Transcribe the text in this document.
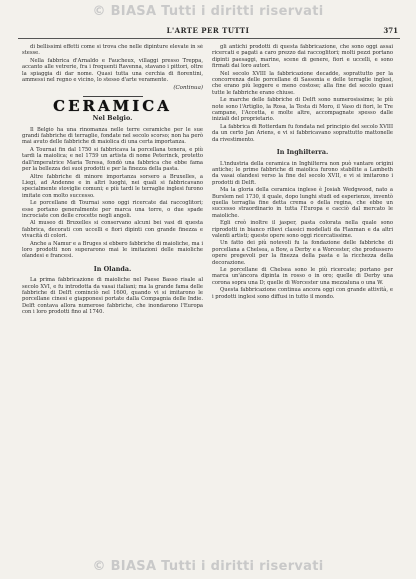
© BIASA Tutti i diritti riservati
L'ARTE PER TUTTI	371

di bellissimi effetti come si trova che nelle dipinture elevate in sé stesse.

Nella fabbrica d'Arnaldo e Faucheux, villaggi presso Treppa, accanto alle vetrerie, fra i frequenti Ravenna, stavano i pittori, oltre la spiaggia di dar nome. Quasi tutta una cerchia di fiorentini, ammessi nel regno e vicino, lo stesso d'arte veramente.

(Continua)
CERAMICA
Nel Belgio.

Il Belgio ha una rinomanza nelle terre ceramiche per le sue grandi fabbriche di terraglie, fondate nel secolo scorso; non ha però mai avuto delle fabbriche di maiolica di una certa importanza.

A Tournai fin dal 1750 si fabbricava la porcellana tenera, e più tardi la maiolica; e nel 1759 un artista di nome Peterinck, protetto dall'imperatrice Maria Teresa, fondò una fabbrica che ebbe fama per la bellezza dei suoi prodotti e per la finezza della pasta.

Altre fabbriche di minore importanza sorsero a Bruxelles, a Liegi, ad Andenne e in altri luoghi, nei quali si fabbricavano specialmente stoviglie comuni; e più tardi le terraglie inglesi furono imitate con molto successo.

Le porcellane di Tournai sono oggi ricercate dai raccoglitori; esse portano generalmente per marca una torre, o due spade incrociate con delle crocette negli angoli.

Al museo di Bruxelles si conservano alcuni bei vasi di questa fabbrica, decorati con uccelli e fiori dipinti con grande finezza e vivacità di colori.

Anche a Namur e a Bruges si ebbero fabbriche di maioliche, ma i loro prodotti non superarono mai le imitazioni delle maioliche olandesi e francesi.

In Olanda.

La prima fabbricazione di maioliche nel Paese Basso risale al secolo XVI, e fu introdotta da vasai italiani; ma la grande fama delle fabbriche di Delft cominciò nel 1600, quando vi si imitarono le porcellane cinesi e giapponesi portate dalla Compagnia delle Indie. Delft contava allora numerose fabbriche, che inondarono l'Europa con i loro prodotti fino al 1740.

gli antichi prodotti di questa fabbricazione, che sono oggi assai ricercati e pagati a caro prezzo dai raccoglitori; molti pezzi portano dipinti paesaggi, marine, scene di genere, fiori e uccelli, e sono firmati dai loro autori.

Nel secolo XVIII la fabbricazione decadde, soprattutto per la concorrenza delle porcellane di Sassonia e delle terraglie inglesi, che erano più leggere e meno costose; alla fine del secolo quasi tutte le fabbriche erano chiuse.

Le marche delle fabbriche di Delft sono numerosissime; le più note sono l'Artiglio, la Rosa, la Testa di Moro, il Vaso di fiori, le Tre campane, l'Accetta, e molte altre, accompagnate spesso dalle iniziali del proprietario.

La fabbrica di Rotterdam fu fondata nel principio del secolo XVIII da un certo Jan Ariens, e vi si fabbricavano soprattutto mattonelle da rivestimento.

In Inghilterra.

L'industria della ceramica in Inghilterra non può vantare origini antiche; le prime fabbriche di maiolica furono stabilite a Lambeth da vasai olandesi verso la fine del secolo XVII, e vi si imitarono i prodotti di Delft.

Ma la gloria della ceramica inglese è Josiah Wedgwood, nato a Burslem nel 1730, il quale, dopo lunghi studi ed esperienze, inventò quella terraglia fine detta crema o della regina, che ebbe un successo straordinario in tutta l'Europa e cacciò dal mercato le maioliche.

Egli creò inoltre il jasper, pasta colorata nella quale sono riprodotti in bianco rilievi classici modellati da Flaxman e da altri valenti artisti; queste opere sono oggi ricercatissime.

Un fatto dei più notevoli fu la fondazione delle fabbriche di porcellana a Chelsea, a Bow, a Derby e a Worcester, che produssero opere pregevoli per la finezza della pasta e la ricchezza della decorazione.

Le porcellane di Chelsea sono le più ricercate; portano per marca un'àncora dipinta in rosso o in oro; quelle di Derby una corona sopra una D; quelle di Worcester una mezzaluna o una W.

Questa fabbricazione continua ancora oggi con grande attività, e i prodotti inglesi sono diffusi in tutto il mondo.

© BIASA Tutti i diritti riservati
